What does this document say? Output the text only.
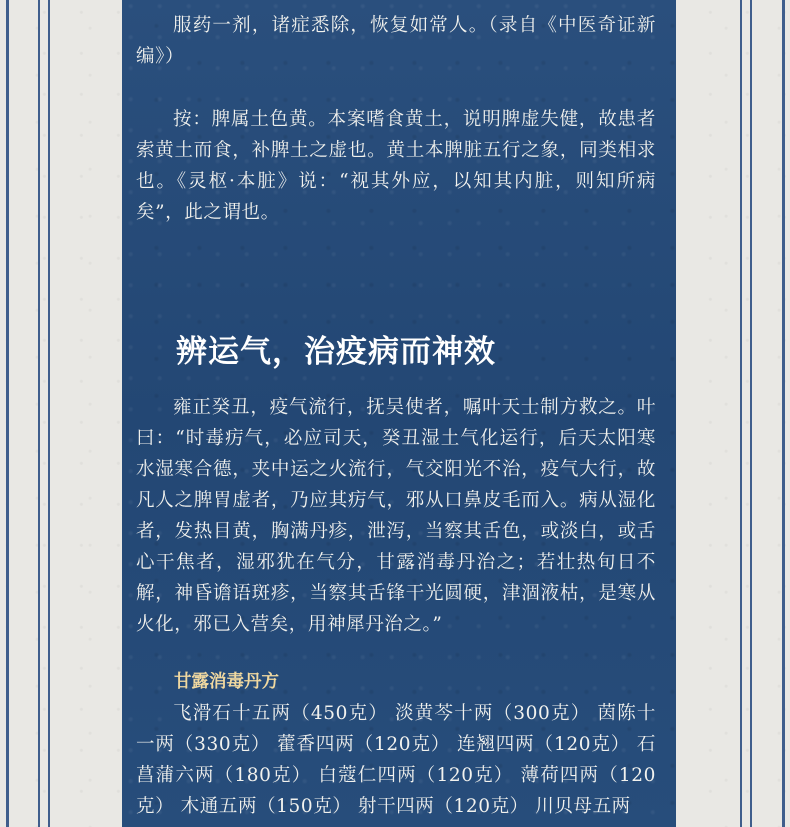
服药一剂，诸症悉除，恢复如常人。（录自《中医奇证新编》）

按：脾属土色黄。本案嗜食黄土，说明脾虚失健，故患者索黄土而食，补脾土之虚也。黄土本脾脏五行之象，同类相求也。《灵枢·本脏》说：“视其外应，以知其内脏，则知所病矣”，此之谓也。

辨运气，治疫病而神效

雍正癸丑，疫气流行，抚吴使者，嘱叶天士制方救之。叶曰：“时毒疠气，必应司天，癸丑湿土气化运行，后天太阳寒水湿寒合德，夹中运之火流行，气交阳光不治，疫气大行，故凡人之脾胃虚者，乃应其疠气，邪从口鼻皮毛而入。病从湿化者，发热目黄，胸满丹疹，泄泻，当察其舌色，或淡白，或舌心干焦者，湿邪犹在气分，甘露消毒丹治之；若壮热旬日不解，神昏谵语斑疹，当察其舌锋干光圆硬，津涸液枯，是寒从火化，邪已入营矣，用神犀丹治之。”

甘露消毒丹方

飞滑石十五两（450克） 淡黄芩十两（300克） 茵陈十一两（330克） 藿香四两（120克） 连翘四两（120克） 石菖蒲六两（180克） 白蔻仁四两（120克） 薄荷四两（120克） 木通五两（150克） 射干四两（120克） 川贝母五两
